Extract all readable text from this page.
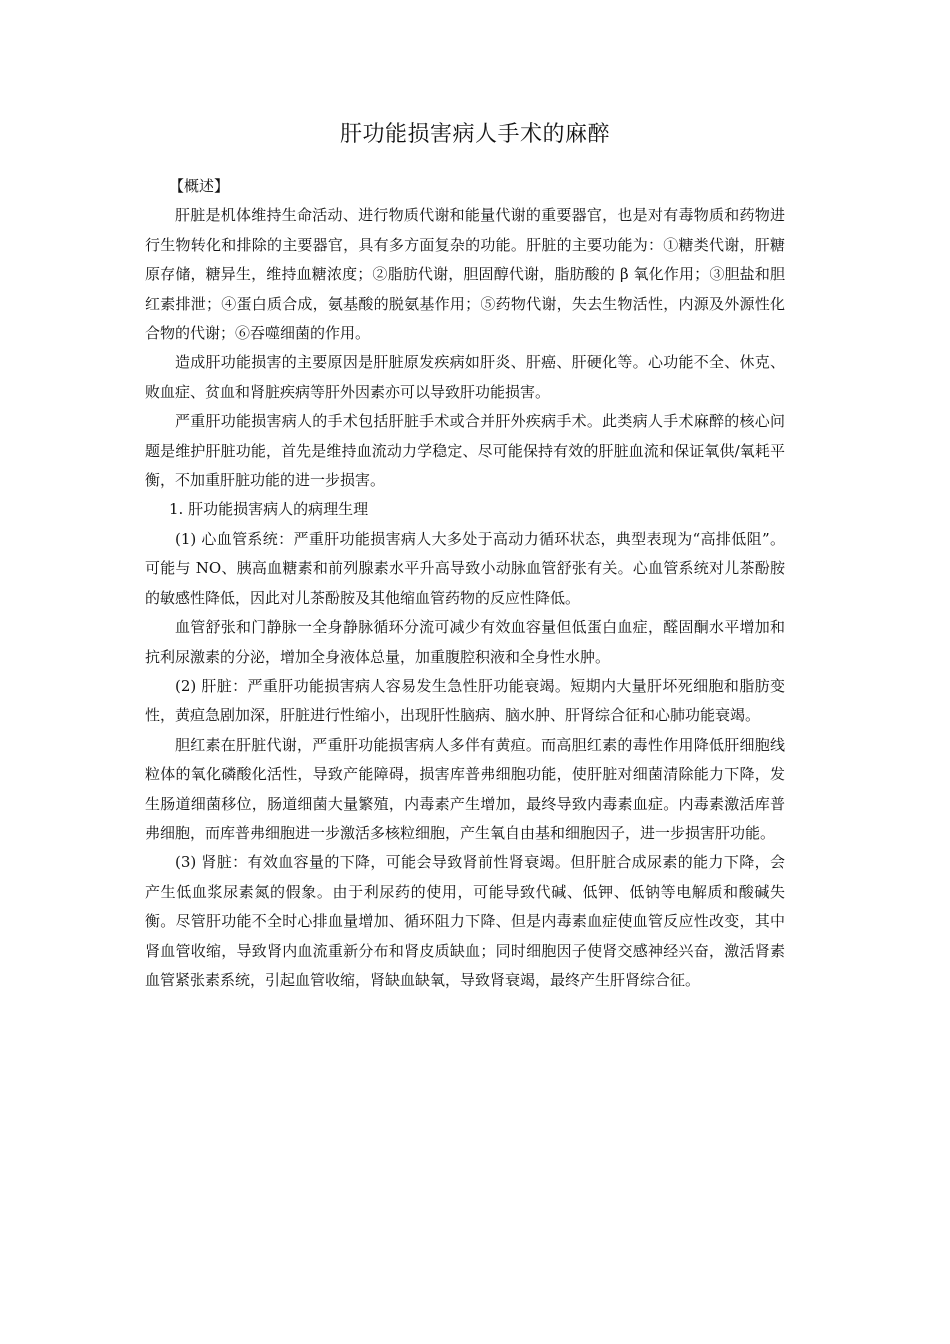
肝功能损害病人手术的麻醉

【概述】

肝脏是机体维持生命活动、进行物质代谢和能量代谢的重要器官，也是对有毒物质和药物进行生物转化和排除的主要器官，具有多方面复杂的功能。肝脏的主要功能为：①糖类代谢，肝糖原存储，糖异生，维持血糖浓度；②脂肪代谢，胆固醇代谢，脂肪酸的 β 氧化作用；③胆盐和胆红素排泄；④蛋白质合成，氨基酸的脱氨基作用；⑤药物代谢，失去生物活性，内源及外源性化合物的代谢；⑥吞噬细菌的作用。

造成肝功能损害的主要原因是肝脏原发疾病如肝炎、肝癌、肝硬化等。心功能不全、休克、败血症、贫血和肾脏疾病等肝外因素亦可以导致肝功能损害。

严重肝功能损害病人的手术包括肝脏手术或合并肝外疾病手术。此类病人手术麻醉的核心问题是维护肝脏功能，首先是维持血流动力学稳定、尽可能保持有效的肝脏血流和保证氧供/氧耗平衡，不加重肝脏功能的进一步损害。

1. 肝功能损害病人的病理生理

(1) 心血管系统：严重肝功能损害病人大多处于高动力循环状态，典型表现为“高排低阻”。可能与 NO、胰高血糖素和前列腺素水平升高导致小动脉血管舒张有关。心血管系统对儿茶酚胺的敏感性降低，因此对儿茶酚胺及其他缩血管药物的反应性降低。

血管舒张和门静脉一全身静脉循环分流可减少有效血容量但低蛋白血症，醛固酮水平增加和抗利尿激素的分泌，增加全身液体总量，加重腹腔积液和全身性水肿。

(2) 肝脏：严重肝功能损害病人容易发生急性肝功能衰竭。短期内大量肝坏死细胞和脂肪变性，黄疸急剧加深，肝脏进行性缩小，出现肝性脑病、脑水肿、肝肾综合征和心肺功能衰竭。

胆红素在肝脏代谢，严重肝功能损害病人多伴有黄疸。而高胆红素的毒性作用降低肝细胞线粒体的氧化磷酸化活性，导致产能障碍，损害库普弗细胞功能，使肝脏对细菌清除能力下降，发生肠道细菌移位，肠道细菌大量繁殖，内毒素产生增加，最终导致内毒素血症。内毒素激活库普弗细胞，而库普弗细胞进一步激活多核粒细胞，产生氧自由基和细胞因子，进一步损害肝功能。

(3) 肾脏：有效血容量的下降，可能会导致肾前性肾衰竭。但肝脏合成尿素的能力下降，会产生低血浆尿素氮的假象。由于利尿药的使用，可能导致代碱、低钾、低钠等电解质和酸碱失衡。尽管肝功能不全时心排血量增加、循环阻力下降、但是内毒素血症使血管反应性改变，其中肾血管收缩，导致肾内血流重新分布和肾皮质缺血；同时细胞因子使肾交感神经兴奋，激活肾素血管紧张素系统，引起血管收缩，肾缺血缺氧，导致肾衰竭，最终产生肝肾综合征。
